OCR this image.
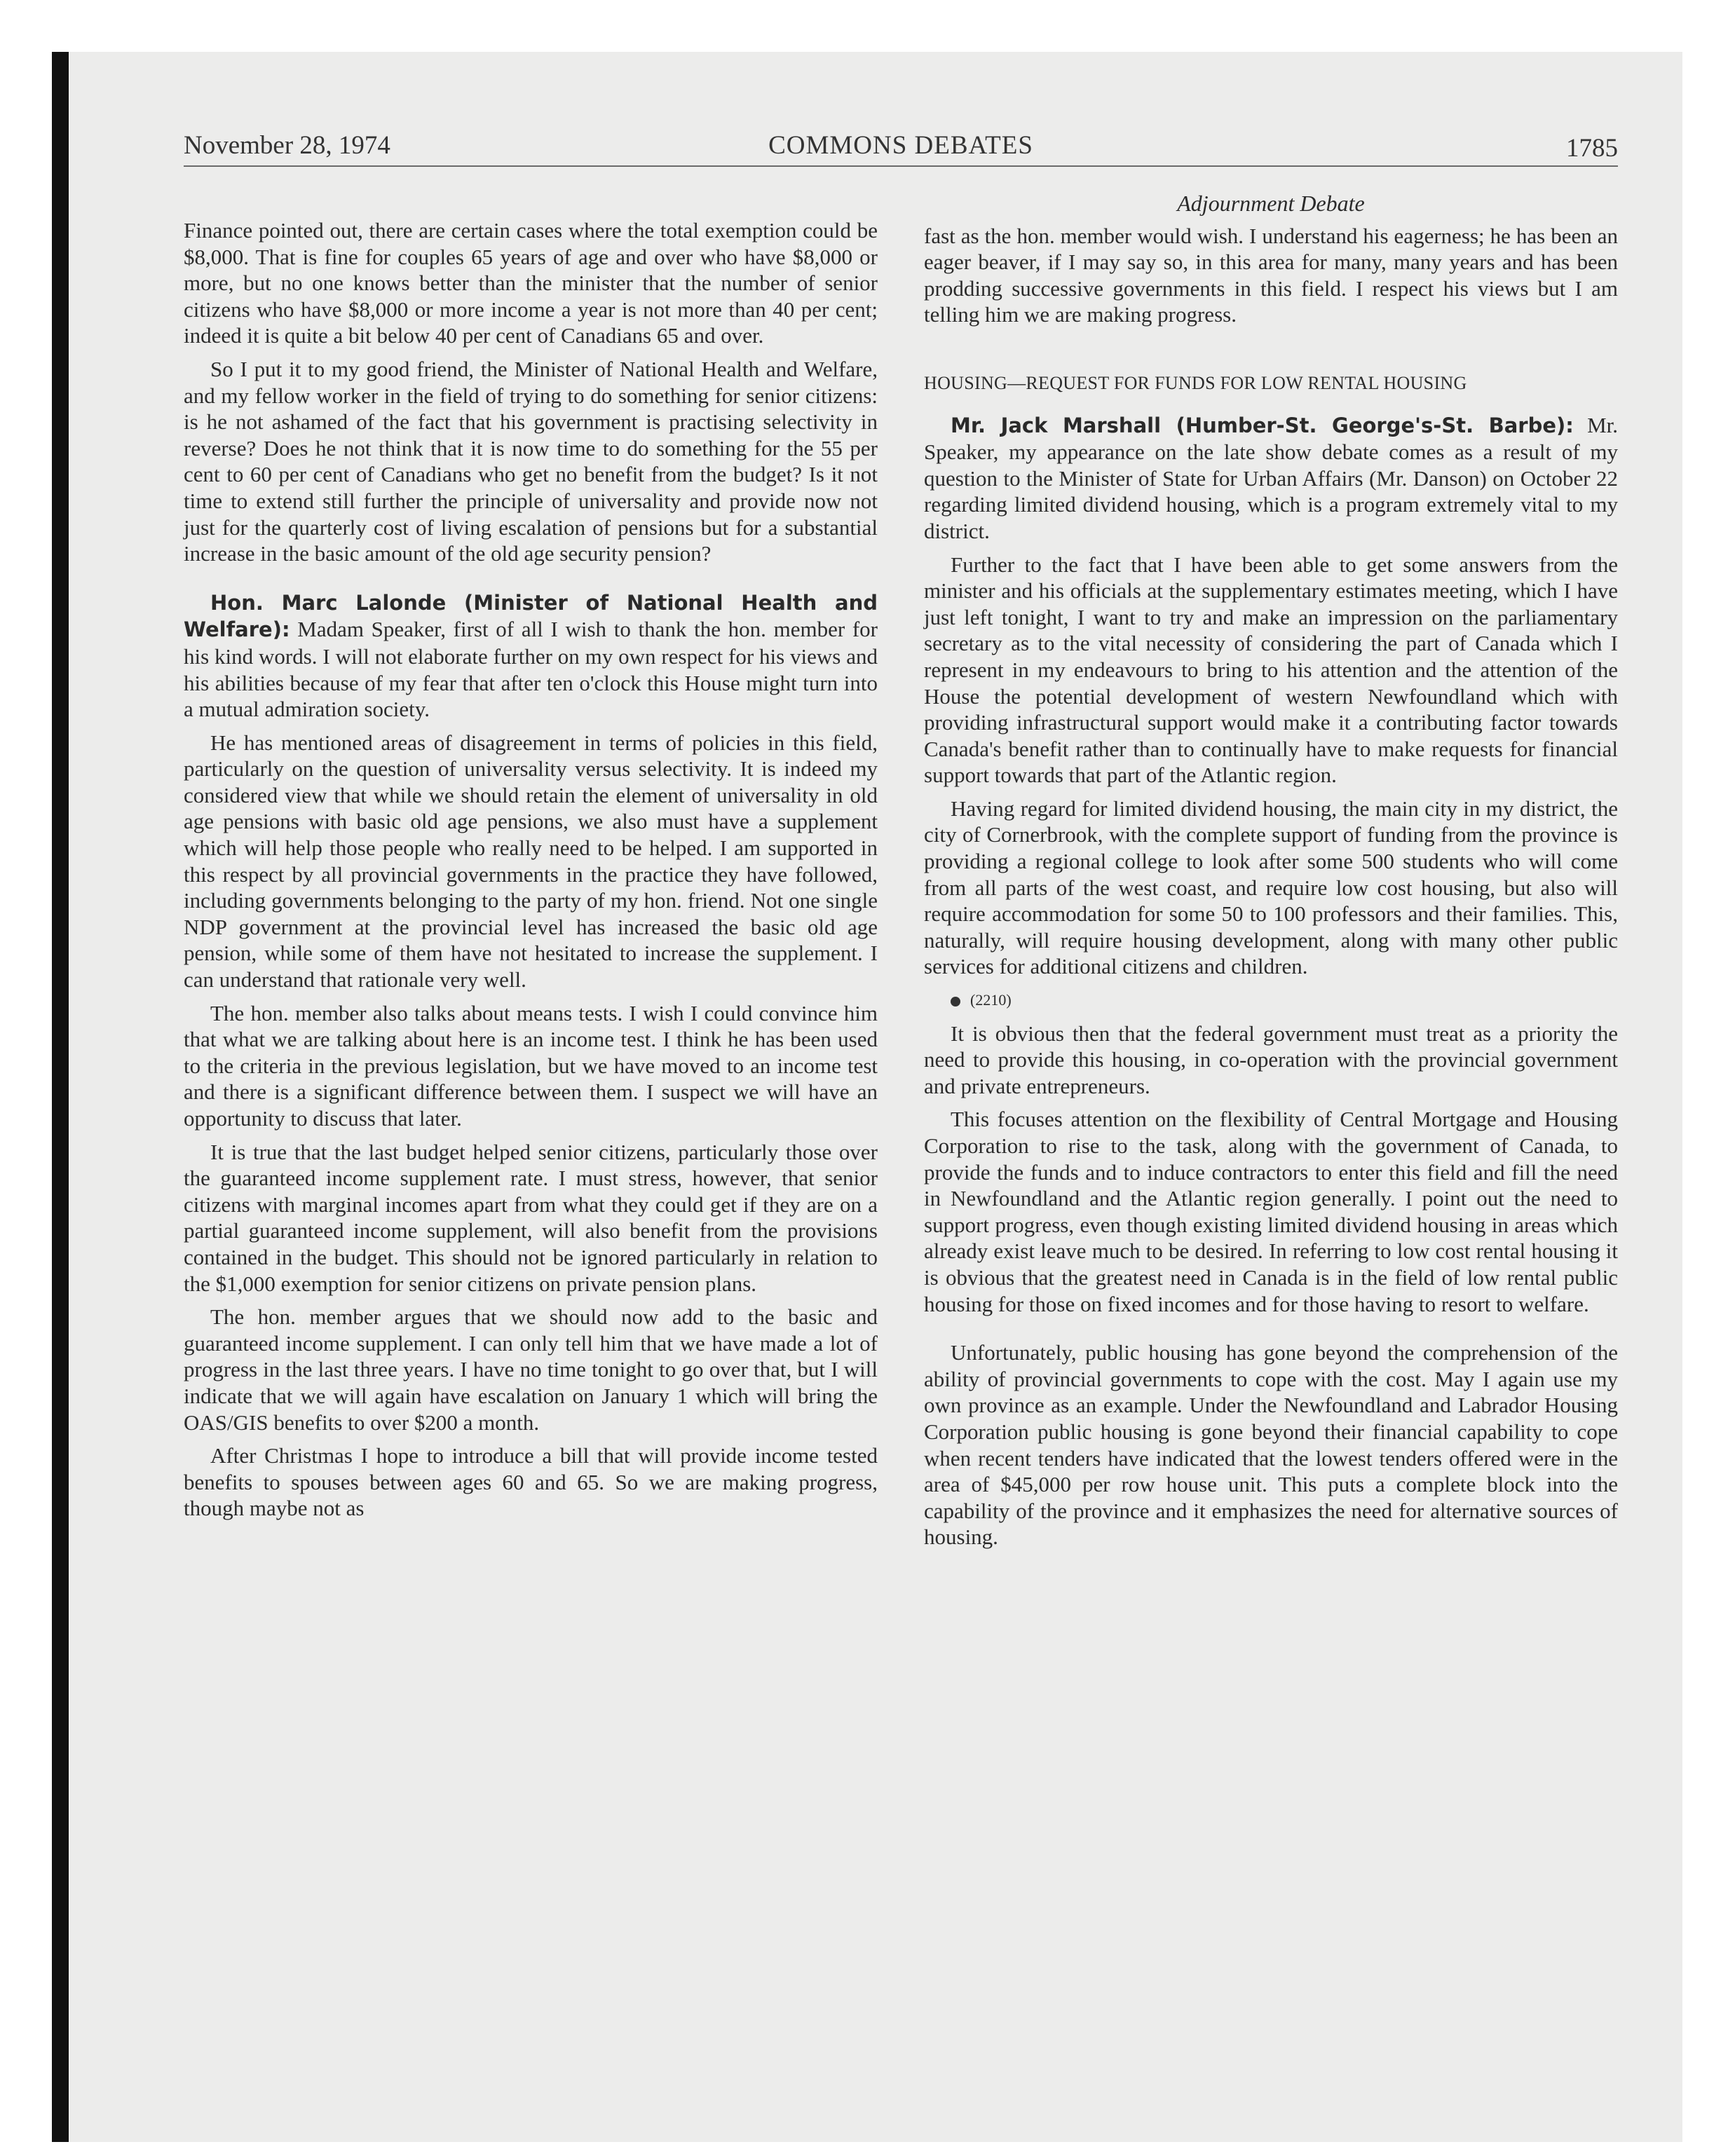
November 28, 1974	COMMONS DEBATES	1785

Finance pointed out, there are certain cases where the total exemption could be $8,000. That is fine for couples 65 years of age and over who have $8,000 or more, but no one knows better than the minister that the number of senior citizens who have $8,000 or more income a year is not more than 40 per cent; indeed it is quite a bit below 40 per cent of Canadians 65 and over.

So I put it to my good friend, the Minister of National Health and Welfare, and my fellow worker in the field of trying to do something for senior citizens: is he not ashamed of the fact that his government is practising selectivity in reverse? Does he not think that it is now time to do something for the 55 per cent to 60 per cent of Canadians who get no benefit from the budget? Is it not time to extend still further the principle of universality and provide now not just for the quarterly cost of living escalation of pensions but for a substantial increase in the basic amount of the old age security pension?

Hon. Marc Lalonde (Minister of National Health and Welfare): Madam Speaker, first of all I wish to thank the hon. member for his kind words. I will not elaborate further on my own respect for his views and his abilities because of my fear that after ten o'clock this House might turn into a mutual admiration society.

He has mentioned areas of disagreement in terms of policies in this field, particularly on the question of universality versus selectivity. It is indeed my considered view that while we should retain the element of universality in old age pensions with basic old age pensions, we also must have a supplement which will help those people who really need to be helped. I am supported in this respect by all provincial governments in the practice they have followed, including governments belonging to the party of my hon. friend. Not one single NDP government at the provincial level has increased the basic old age pension, while some of them have not hesitated to increase the supplement. I can understand that rationale very well.

The hon. member also talks about means tests. I wish I could convince him that what we are talking about here is an income test. I think he has been used to the criteria in the previous legislation, but we have moved to an income test and there is a significant difference between them. I suspect we will have an opportunity to discuss that later.

It is true that the last budget helped senior citizens, particularly those over the guaranteed income supplement rate. I must stress, however, that senior citizens with marginal incomes apart from what they could get if they are on a partial guaranteed income supplement, will also benefit from the provisions contained in the budget. This should not be ignored particularly in relation to the $1,000 exemption for senior citizens on private pension plans.

The hon. member argues that we should now add to the basic and guaranteed income supplement. I can only tell him that we have made a lot of progress in the last three years. I have no time tonight to go over that, but I will indicate that we will again have escalation on January 1 which will bring the OAS/GIS benefits to over $200 a month.

After Christmas I hope to introduce a bill that will provide income tested benefits to spouses between ages 60 and 65. So we are making progress, though maybe not as

Adjournment Debate

fast as the hon. member would wish. I understand his eagerness; he has been an eager beaver, if I may say so, in this area for many, many years and has been prodding successive governments in this field. I respect his views but I am telling him we are making progress.

HOUSING—REQUEST FOR FUNDS FOR LOW RENTAL HOUSING

Mr. Jack Marshall (Humber-St. George's-St. Barbe): Mr. Speaker, my appearance on the late show debate comes as a result of my question to the Minister of State for Urban Affairs (Mr. Danson) on October 22 regarding limited dividend housing, which is a program extremely vital to my district.

Further to the fact that I have been able to get some answers from the minister and his officials at the supplementary estimates meeting, which I have just left tonight, I want to try and make an impression on the parliamentary secretary as to the vital necessity of considering the part of Canada which I represent in my endeavours to bring to his attention and the attention of the House the potential development of western Newfoundland which with providing infrastructural support would make it a contributing factor towards Canada's benefit rather than to continually have to make requests for financial support towards that part of the Atlantic region.

Having regard for limited dividend housing, the main city in my district, the city of Cornerbrook, with the complete support of funding from the province is providing a regional college to look after some 500 students who will come from all parts of the west coast, and require low cost housing, but also will require accommodation for some 50 to 100 professors and their families. This, naturally, will require housing development, along with many other public services for additional citizens and children.

(2210)

It is obvious then that the federal government must treat as a priority the need to provide this housing, in co-operation with the provincial government and private entrepreneurs.

This focuses attention on the flexibility of Central Mortgage and Housing Corporation to rise to the task, along with the government of Canada, to provide the funds and to induce contractors to enter this field and fill the need in Newfoundland and the Atlantic region generally. I point out the need to support progress, even though existing limited dividend housing in areas which already exist leave much to be desired. In referring to low cost rental housing it is obvious that the greatest need in Canada is in the field of low rental public housing for those on fixed incomes and for those having to resort to welfare.

Unfortunately, public housing has gone beyond the comprehension of the ability of provincial governments to cope with the cost. May I again use my own province as an example. Under the Newfoundland and Labrador Housing Corporation public housing is gone beyond their financial capability to cope when recent tenders have indicated that the lowest tenders offered were in the area of $45,000 per row house unit. This puts a complete block into the capability of the province and it emphasizes the need for alternative sources of housing.
